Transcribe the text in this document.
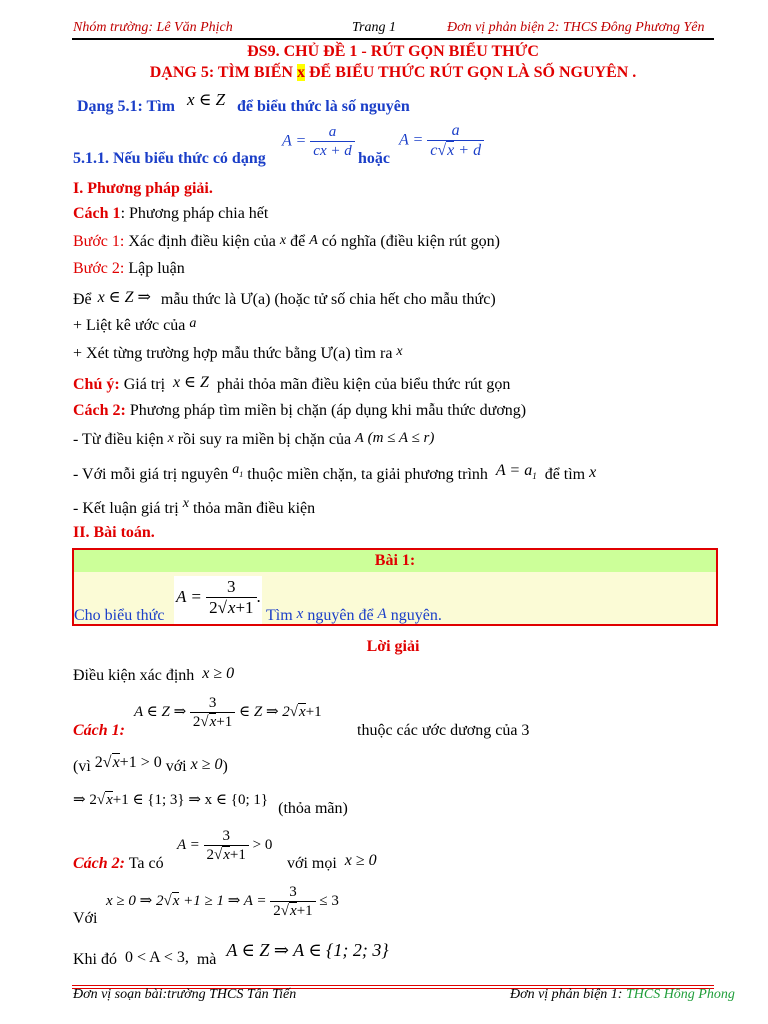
Nhóm trường: Lê Văn Phịch	Trang 1	Đơn vị phản biện 2: THCS Đông Phương Yên
ĐS9. CHỦ ĐỀ 1 - RÚT GỌN BIỂU THỨC
DẠNG 5: TÌM BIẾN x ĐỂ BIỂU THỨC RÚT GỌN LÀ SỐ NGUYÊN .
Dạng 5.1: Tìm x ∈ Z để biểu thức là số nguyên
5.1.1. Nếu biểu thức có dạng
$A = \frac{a}{cx + d}$ hoặc
$A = \frac{a}{c√x + d}$
I. Phương pháp giải.
Cách 1: Phương pháp chia hết
Bước 1: Xác định điều kiện của x để A có nghĩa (điều kiện rút gọn)
Bước 2: Lập luận
Để x ∈ Z ⇒ mẫu thức là Ư(a) (hoặc tử số chia hết cho mẫu thức)
+ Liệt kê ước của a
+ Xét từng trường hợp mẫu thức bằng Ư(a) tìm ra x
Chú ý: Giá trị x ∈ Z phải thỏa mãn điều kiện của biểu thức rút gọn
Cách 2: Phương pháp tìm miền bị chặn (áp dụng khi mẫu thức dương)
- Từ điều kiện x rồi suy ra miền bị chặn của A (m ≤ A ≤ r)
- Với mỗi giá trị nguyên $a_1$ thuộc miền chặn, ta giải phương trình $A = a_1$ để tìm x
- Kết luận giá trị x thỏa mãn điều kiện
II. Bài toán.
Bài 1:
Cho biểu thức
$A = \frac{3}{2√x+1}$ .
Tìm x nguyên để A nguyên.
Lời giải
Điều kiện xác định x ≥ 0
Cách 1:
A ∈ Z ⇒ $\frac{3}{2√x+1}$ ∈ Z ⇒ 2√x+1
thuộc các ước dương của 3
(vì 2√x+1 > 0 với x ≥ 0)
⇒ 2√x+1 ∈ {1; 3} ⇒ x ∈ {0; 1} (thỏa mãn)
Cách 2: Ta có
$A = \frac{3}{2√x+1} > 0$
với mọi x ≥ 0
Với
x ≥ 0 ⇒ 2√x +1 ≥ 1 ⇒ $A = \frac{3}{2√x+1} \le 3$
Khi đó 0 < A < 3, mà A ∈ Z ⇒ A ∈ {1; 2; 3}
Đơn vị soạn bài:trường THCS Tân Tiến	Đơn vị phản biện 1: THCS Hồng Phong
